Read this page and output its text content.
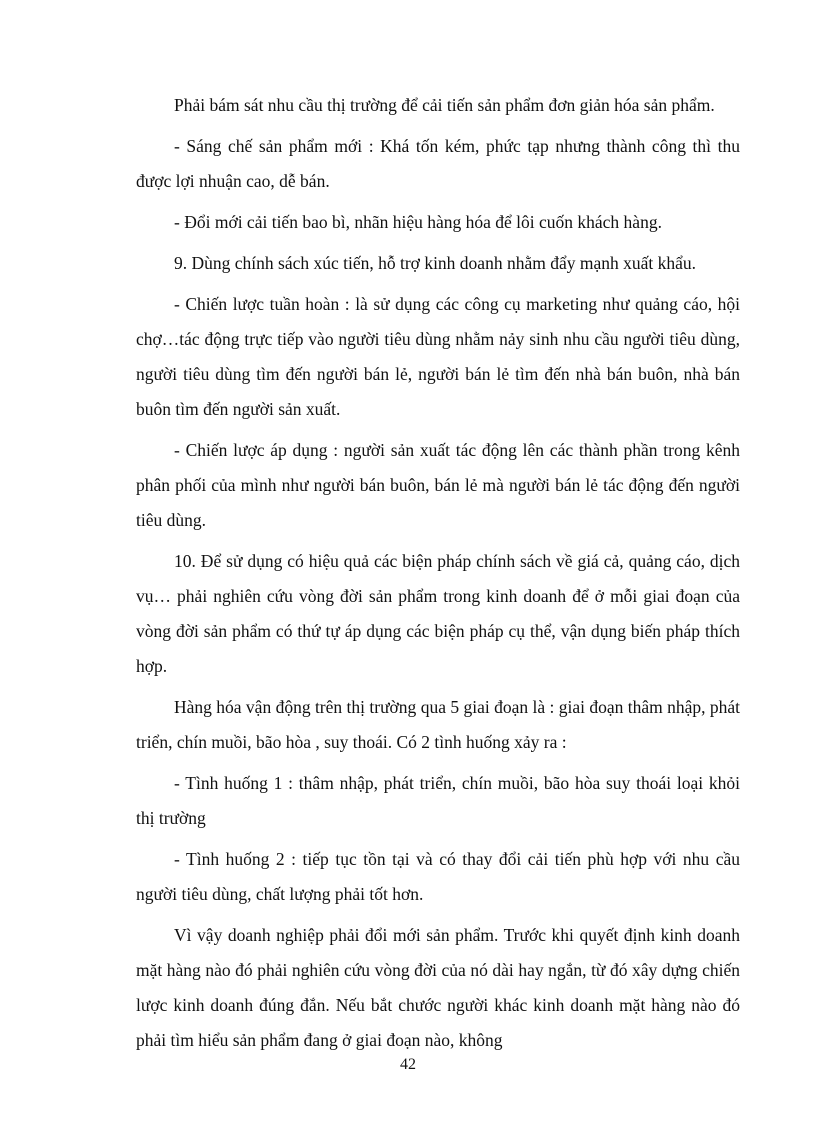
Phải bám sát nhu cầu thị trường để cải tiến sản phẩm đơn giản hóa sản phẩm.

- Sáng chế sản phẩm mới : Khá tốn kém, phức tạp nhưng thành công thì thu được lợi nhuận cao, dễ bán.

- Đổi mới cải tiến bao bì, nhãn hiệu hàng hóa để lôi cuốn khách hàng.

9. Dùng chính sách xúc tiến, hỗ trợ kinh doanh nhằm đẩy mạnh xuất khẩu.

- Chiến lược tuần hoàn : là sử dụng các công cụ marketing như quảng cáo, hội chợ…tác động trực tiếp vào người tiêu dùng nhằm nảy sinh nhu cầu người tiêu dùng, người tiêu dùng tìm đến người bán lẻ, người bán lẻ tìm đến nhà bán buôn, nhà bán buôn tìm đến người sản xuất.

- Chiến lược áp dụng : người sản xuất tác động lên các thành phần trong kênh phân phối của mình như người bán buôn, bán lẻ mà người bán lẻ tác động đến người tiêu dùng.

10. Để sử dụng có hiệu quả các biện pháp chính sách về giá cả, quảng cáo, dịch vụ… phải nghiên cứu vòng đời sản phẩm trong kinh doanh để ở mỗi giai đoạn của vòng đời sản phẩm có thứ tự áp dụng các biện pháp cụ thể, vận dụng biến pháp thích hợp.

Hàng hóa vận động trên thị trường qua 5 giai đoạn là : giai đoạn thâm nhập, phát triển, chín muồi, bão hòa , suy thoái. Có 2 tình huống xảy ra :

- Tình huống 1 : thâm nhập, phát triển, chín muồi, bão hòa suy thoái loại khỏi thị trường

- Tình huống 2 : tiếp tục tồn tại và có thay đổi cải tiến phù hợp với nhu cầu người tiêu dùng, chất lượng phải tốt hơn.

Vì vậy doanh nghiệp phải đổi mới sản phẩm. Trước khi quyết định kinh doanh mặt hàng nào đó phải nghiên cứu vòng đời của nó dài hay ngắn, từ đó xây dựng chiến lược kinh doanh đúng đắn. Nếu bắt chước người khác kinh doanh mặt hàng nào đó phải tìm hiểu sản phẩm đang ở giai đoạn nào, không

42
